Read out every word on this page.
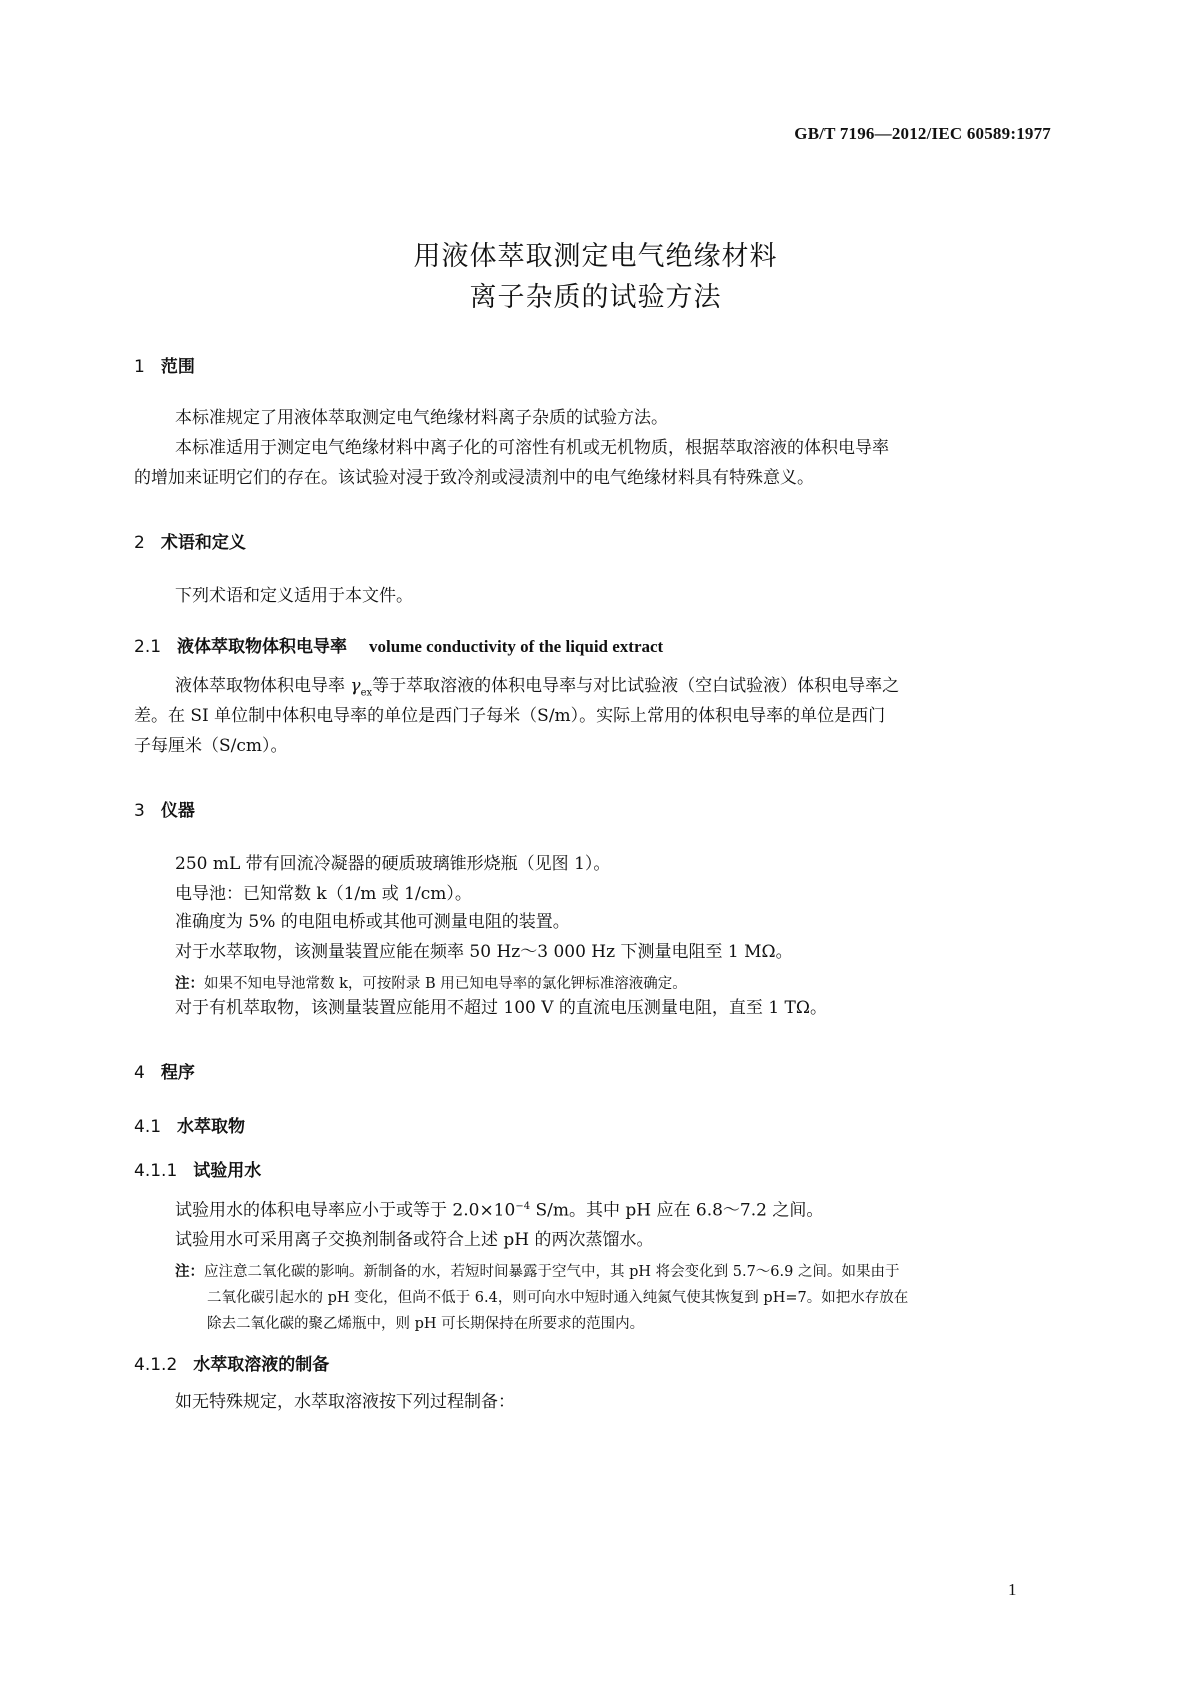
GB/T 7196—2012/IEC 60589:1977
用液体萃取测定电气绝缘材料
离子杂质的试验方法
1 范围
本标准规定了用液体萃取测定电气绝缘材料离子杂质的试验方法。
本标准适用于测定电气绝缘材料中离子化的可溶性有机或无机物质，根据萃取溶液的体积电导率
的增加来证明它们的存在。该试验对浸于致冷剂或浸渍剂中的电气绝缘材料具有特殊意义。
2 术语和定义
下列术语和定义适用于本文件。
2.1 液体萃取物体积电导率 volume conductivity of the liquid extract
液体萃取物体积电导率 $\gamma_{ex}$等于萃取溶液的体积电导率与对比试验液（空白试验液）体积电导率之
差。在 SI 单位制中体积电导率的单位是西门子每米（S/m）。实际上常用的体积电导率的单位是西门
子每厘米（S/cm）。
3 仪器
250 mL 带有回流冷凝器的硬质玻璃锥形烧瓶（见图 1）。
电导池：已知常数 k（1/m 或 1/cm）。
准确度为 5% 的电阻电桥或其他可测量电阻的装置。
对于水萃取物，该测量装置应能在频率 50 Hz～3 000 Hz 下测量电阻至 1 MΩ。
注：如果不知电导池常数 k，可按附录 B 用已知电导率的氯化钾标准溶液确定。
对于有机萃取物，该测量装置应能用不超过 100 V 的直流电压测量电阻，直至 1 TΩ。
4 程序
4.1 水萃取物
4.1.1 试验用水
试验用水的体积电导率应小于或等于 $2.0\times 10^{-4}$ S/m。其中 pH 应在 6.8～7.2 之间。
试验用水可采用离子交换剂制备或符合上述 pH 的两次蒸馏水。
注：应注意二氧化碳的影响。新制备的水，若短时间暴露于空气中，其 pH 将会变化到 5.7～6.9 之间。如果由于
二氧化碳引起水的 pH 变化，但尚不低于 6.4，则可向水中短时通入纯氮气使其恢复到 pH=7。如把水存放在
除去二氧化碳的聚乙烯瓶中，则 pH 可长期保持在所要求的范围内。
4.1.2 水萃取溶液的制备
如无特殊规定，水萃取溶液按下列过程制备：
1
